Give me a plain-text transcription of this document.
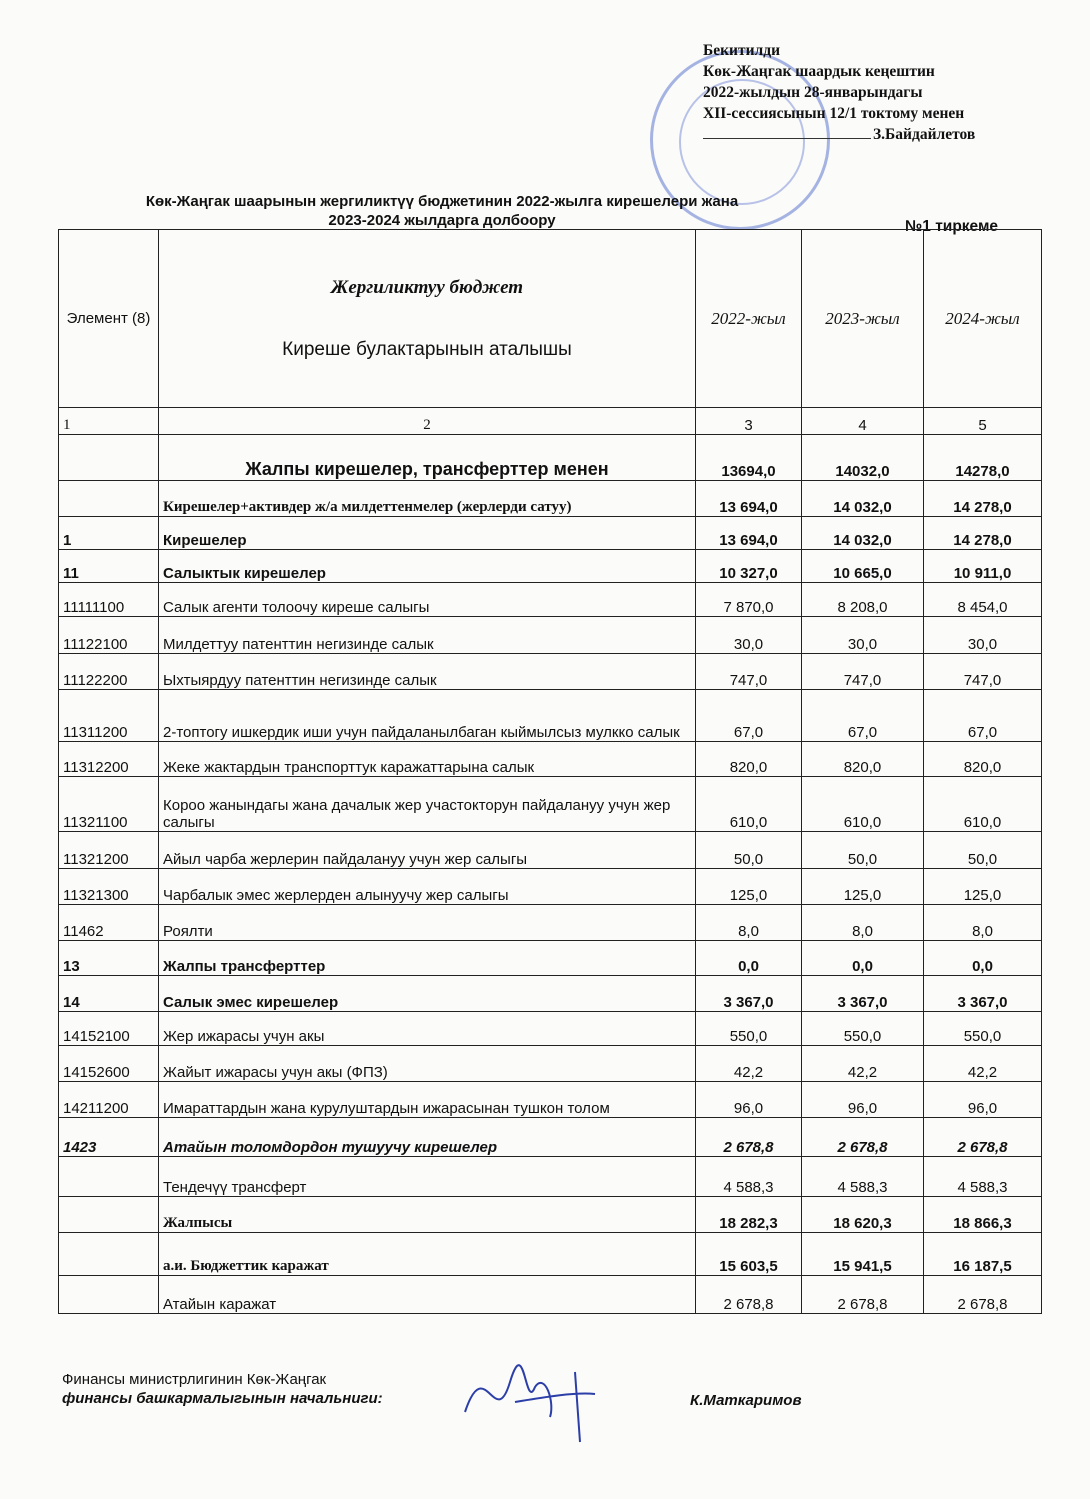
Бекитилди
Көк-Жаңгак шаардык кеңештин
2022-жылдын 28-январындагы
XII-сессиясынын 12/1 токтому менен
З.Байдайлетов
Көк-Жаңгак шаарынын жергиликтүү бюджетинин 2022-жылга кирешелери жана
2023-2024 жылдарга долбоору	№1 тиркеме
Элемент (8)	Жергиликтуу бюджет
Киреше булактарынын аталышы	2022-жыл	2023-жыл	2024-жыл
1	2	3	4	5
	Жалпы кирешелер, трансферттер менен	13694,0	14032,0	14278,0
	Кирешелер+активдер ж/а милдеттенмелер (жерлерди сатуу)	13 694,0	14 032,0	14 278,0
1	Кирешелер	13 694,0	14 032,0	14 278,0
11	Салыктык кирешелер	10 327,0	10 665,0	10 911,0
11111100	Салык агенти толоочу киреше салыгы	7 870,0	8 208,0	8 454,0
11122100	Милдеттуу патенттин негизинде салык	30,0	30,0	30,0
11122200	Ыхтыярдуу патенттин негизинде салык	747,0	747,0	747,0
11311200	2-топтогу ишкердик иши учун пайдаланылбаган кыймылсыз мулкко салык	67,0	67,0	67,0
11312200	Жеке жактардын транспорттук каражаттарына салык	820,0	820,0	820,0
11321100	Короо жанындагы жана дачалык жер участокторун пайдалануу учун жер салыгы	610,0	610,0	610,0
11321200	Айыл чарба жерлерин пайдалануу учун жер салыгы	50,0	50,0	50,0
11321300	Чарбалык эмес жерлерден алынуучу жер салыгы	125,0	125,0	125,0
11462	Роялти	8,0	8,0	8,0
13	Жалпы трансферттер	0,0	0,0	0,0
14	Салык эмес кирешелер	3 367,0	3 367,0	3 367,0
14152100	Жер ижарасы учун акы	550,0	550,0	550,0
14152600	Жайыт ижарасы учун акы (ФПЗ)	42,2	42,2	42,2
14211200	Имараттардын жана курулуштардын ижарасынан тушкон толом	96,0	96,0	96,0
1423	Атайын толомдордон тушуучу кирешелер	2 678,8	2 678,8	2 678,8
	Тендечүү трансферт	4 588,3	4 588,3	4 588,3
	Жалпысы	18 282,3	18 620,3	18 866,3
	а.и. Бюджеттик каражат	15 603,5	15 941,5	16 187,5
	Атайын каражат	2 678,8	2 678,8	2 678,8
Финансы министрлигинин Көк-Жаңгак
финансы башкармалыгынын начальниги:	К.Маткаримов
